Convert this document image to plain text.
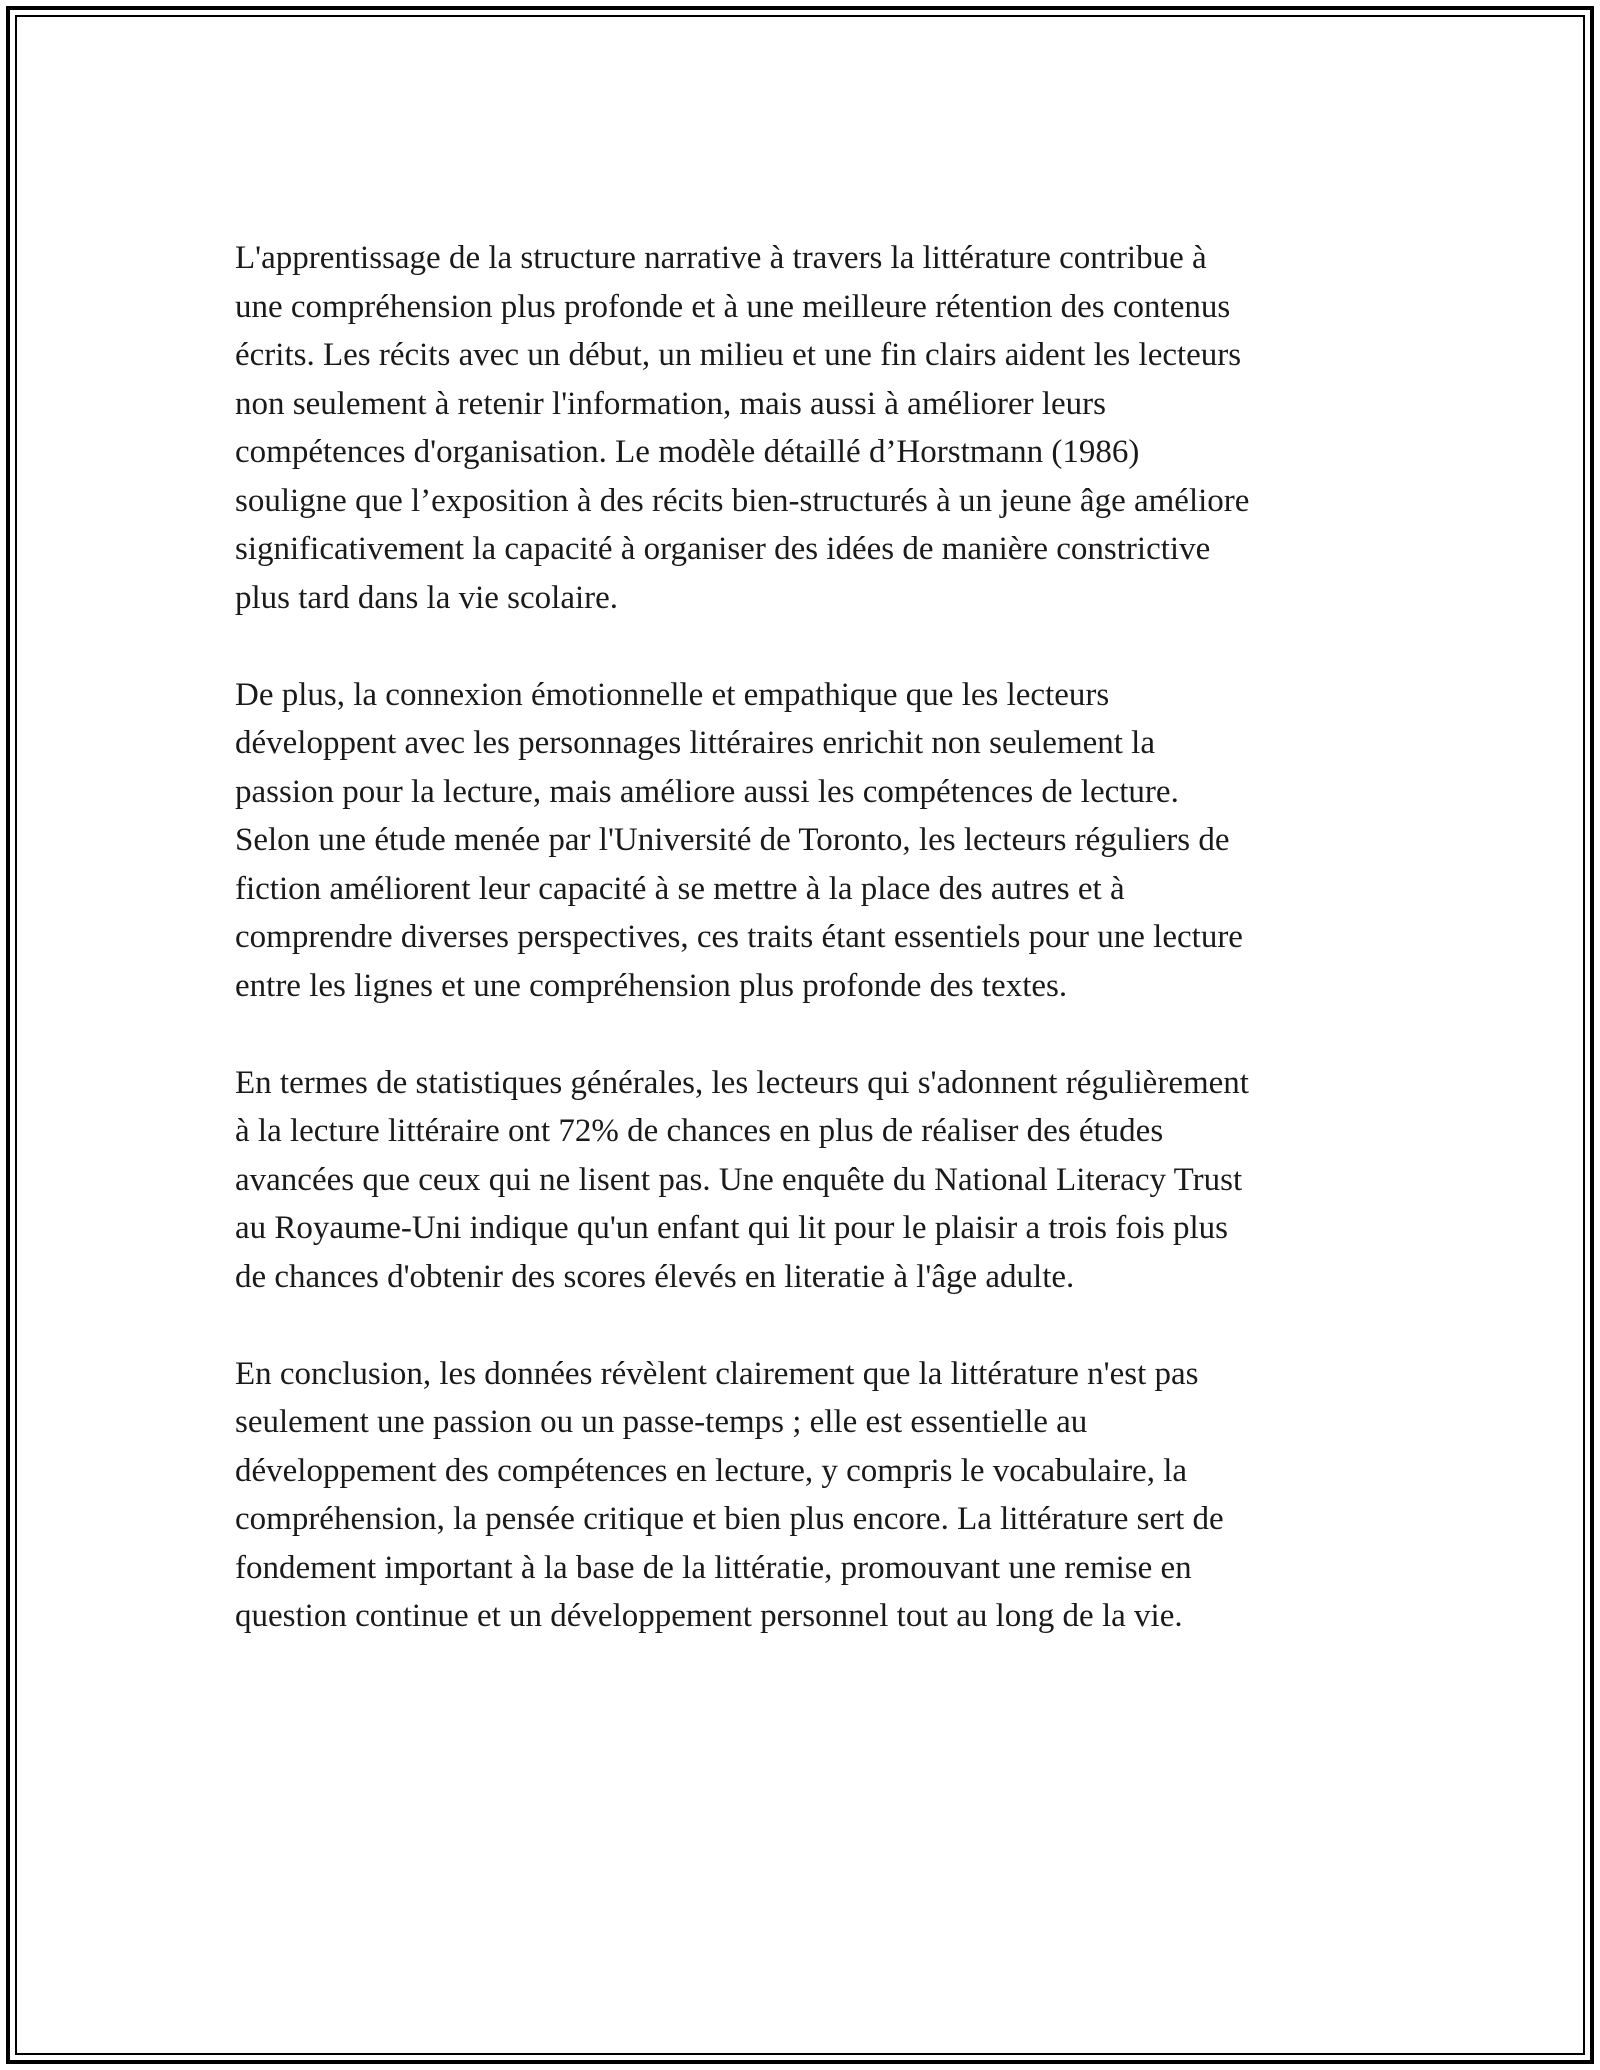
L'apprentissage de la structure narrative à travers la littérature contribue à
une compréhension plus profonde et à une meilleure rétention des contenus
écrits. Les récits avec un début, un milieu et une fin clairs aident les lecteurs
non seulement à retenir l'information, mais aussi à améliorer leurs
compétences d'organisation. Le modèle détaillé d’Horstmann (1986)
souligne que l’exposition à des récits bien-structurés à un jeune âge améliore
significativement la capacité à organiser des idées de manière constrictive
plus tard dans la vie scolaire.

De plus, la connexion émotionnelle et empathique que les lecteurs
développent avec les personnages littéraires enrichit non seulement la
passion pour la lecture, mais améliore aussi les compétences de lecture.
Selon une étude menée par l'Université de Toronto, les lecteurs réguliers de
fiction améliorent leur capacité à se mettre à la place des autres et à
comprendre diverses perspectives, ces traits étant essentiels pour une lecture
entre les lignes et une compréhension plus profonde des textes.

En termes de statistiques générales, les lecteurs qui s'adonnent régulièrement
à la lecture littéraire ont 72% de chances en plus de réaliser des études
avancées que ceux qui ne lisent pas. Une enquête du National Literacy Trust
au Royaume-Uni indique qu'un enfant qui lit pour le plaisir a trois fois plus
de chances d'obtenir des scores élevés en literatie à l'âge adulte.

En conclusion, les données révèlent clairement que la littérature n'est pas
seulement une passion ou un passe-temps ; elle est essentielle au
développement des compétences en lecture, y compris le vocabulaire, la
compréhension, la pensée critique et bien plus encore. La littérature sert de
fondement important à la base de la littératie, promouvant une remise en
question continue et un développement personnel tout au long de la vie.
